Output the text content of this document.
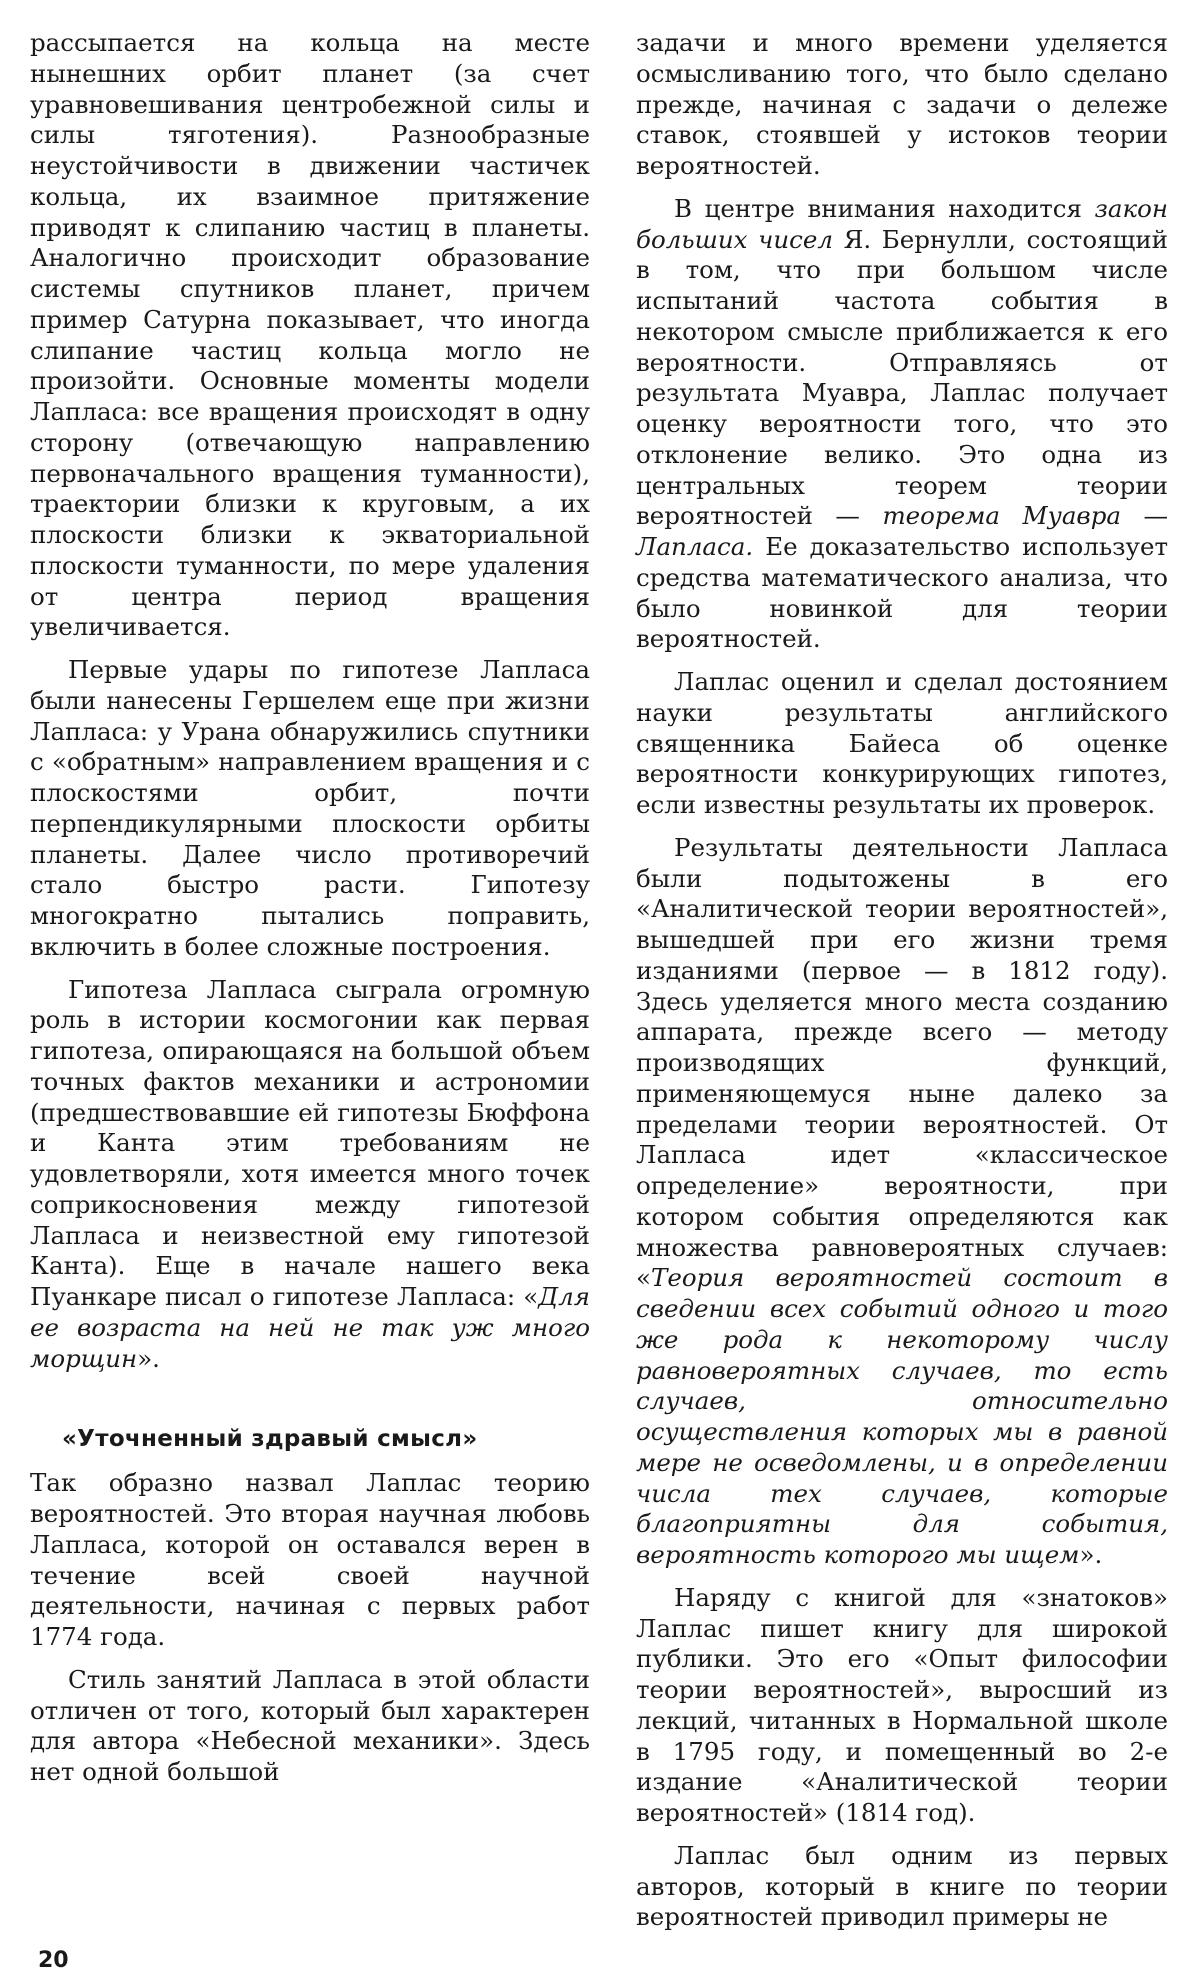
рассыпается на кольца на месте нынешних орбит планет (за счет уравновешивания центробежной силы и силы тяготения). Разнообразные неустойчивости в движении частичек кольца, их взаимное притяжение приводят к слипанию частиц в планеты. Аналогично происходит образование системы спутников планет, причем пример Сатурна показывает, что иногда слипание частиц кольца могло не произойти. Основные моменты модели Лапласа: все вращения происходят в одну сторону (отвечающую направлению первоначального вращения туманности), траектории близки к круговым, а их плоскости близки к экваториальной плоскости туманности, по мере удаления от центра период вращения увеличивается.

Первые удары по гипотезе Лапласа были нанесены Гершелем еще при жизни Лапласа: у Урана обнаружились спутники с «обратным» направлением вращения и с плоскостями орбит, почти перпендикулярными плоскости орбиты планеты. Далее число противоречий стало быстро расти. Гипотезу многократно пытались поправить, включить в более сложные построения.

Гипотеза Лапласа сыграла огромную роль в истории космогонии как первая гипотеза, опирающаяся на большой объем точных фактов механики и астрономии (предшествовавшие ей гипотезы Бюффона и Канта этим требованиям не удовлетворяли, хотя имеется много точек соприкосновения между гипотезой Лапласа и неизвестной ему гипотезой Канта). Еще в начале нашего века Пуанкаре писал о гипотезе Лапласа: «Для ее возраста на ней не так уж много морщин».

«Уточненный здравый смысл»

Так образно назвал Лаплас теорию вероятностей. Это вторая научная любовь Лапласа, которой он оставался верен в течение всей своей научной деятельности, начиная с первых работ 1774 года.

Стиль занятий Лапласа в этой области отличен от того, который был характерен для автора «Небесной механики». Здесь нет одной большой

задачи и много времени уделяется осмысливанию того, что было сделано прежде, начиная с задачи о дележе ставок, стоявшей у истоков теории вероятностей.

В центре внимания находится закон больших чисел Я. Бернулли, состоящий в том, что при большом числе испытаний частота события в некотором смысле приближается к его вероятности. Отправляясь от результата Муавра, Лаплас получает оценку вероятности того, что это отклонение велико. Это одна из центральных теорем теории вероятностей — теорема Муавра — Лапласа. Ее доказательство использует средства математического анализа, что было новинкой для теории вероятностей.

Лаплас оценил и сделал достоянием науки результаты английского священника Байеса об оценке вероятности конкурирующих гипотез, если известны результаты их проверок.

Результаты деятельности Лапласа были подытожены в его «Аналитической теории вероятностей», вышедшей при его жизни тремя изданиями (первое — в 1812 году). Здесь уделяется много места созданию аппарата, прежде всего — методу производящих функций, применяющемуся ныне далеко за пределами теории вероятностей. От Лапласа идет «классическое определение» вероятности, при котором события определяются как множества равновероятных случаев: «Теория вероятностей состоит в сведении всех событий одного и того же рода к некоторому числу равновероятных случаев, то есть случаев, относительно осуществления которых мы в равной мере не осведомлены, и в определении числа тех случаев, которые благоприятны для события, вероятность которого мы ищем».

Наряду с книгой для «знатоков» Лаплас пишет книгу для широкой публики. Это его «Опыт философии теории вероятностей», выросший из лекций, читанных в Нормальной школе в 1795 году, и помещенный во 2-е издание «Аналитической теории вероятностей» (1814 год).

Лаплас был одним из первых авторов, который в книге по теории вероятностей приводил примеры не

20
